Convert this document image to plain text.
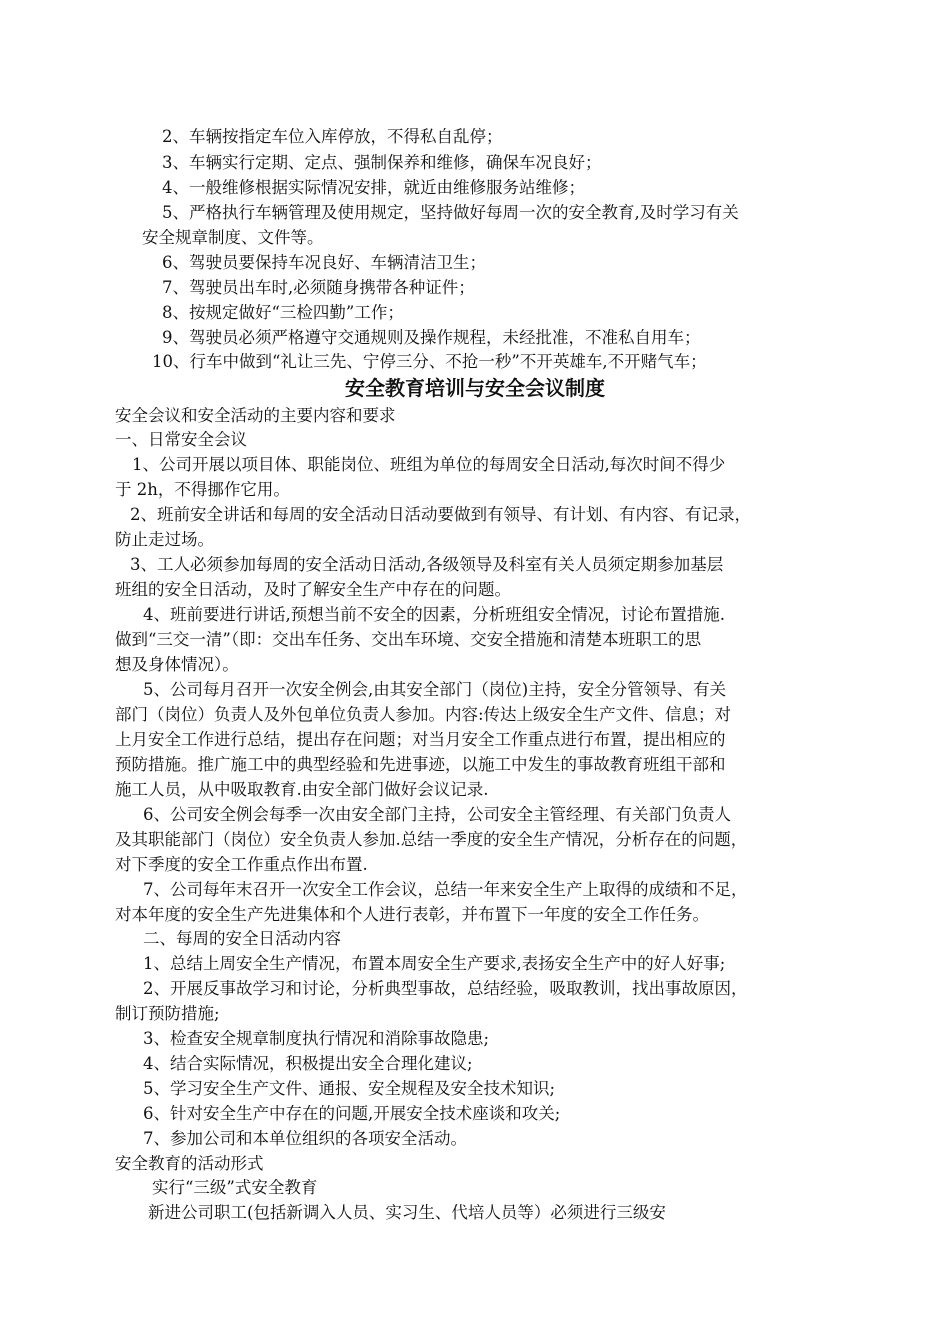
2、车辆按指定车位入库停放，不得私自乱停；
3、车辆实行定期、定点、强制保养和维修，确保车况良好；
4、一般维修根据实际情况安排，就近由维修服务站维修；
5、严格执行车辆管理及使用规定，坚持做好每周一次的安全教育,及时学习有关
安全规章制度、文件等。
6、驾驶员要保持车况良好、车辆清洁卫生；
7、驾驶员出车时,必须随身携带各种证件；
8、按规定做好“三检四勤”工作；
9、驾驶员必须严格遵守交通规则及操作规程，未经批准，不准私自用车；
10、行车中做到“礼让三先、宁停三分、不抢一秒”不开英雄车,不开赌气车；
安全教育培训与安全会议制度
安全会议和安全活动的主要内容和要求
一、日常安全会议
1、公司开展以项目体、职能岗位、班组为单位的每周安全日活动,每次时间不得少
于 2h，不得挪作它用。
2、班前安全讲话和每周的安全活动日活动要做到有领导、有计划、有内容、有记录，
防止走过场。
3、工人必须参加每周的安全活动日活动,各级领导及科室有关人员须定期参加基层
班组的安全日活动，及时了解安全生产中存在的问题。
4、班前要进行讲话,预想当前不安全的因素，分析班组安全情况，讨论布置措施.
做到“三交一清”（即：交出车任务、交出车环境、交安全措施和清楚本班职工的思
想及身体情况）。
5、公司每月召开一次安全例会,由其安全部门（岗位)主持，安全分管领导、有关
部门（岗位）负责人及外包单位负责人参加。内容:传达上级安全生产文件、信息；对
上月安全工作进行总结，提出存在问题；对当月安全工作重点进行布置，提出相应的
预防措施。推广施工中的典型经验和先进事迹，以施工中发生的事故教育班组干部和
施工人员，从中吸取教育.由安全部门做好会议记录.
6、公司安全例会每季一次由安全部门主持，公司安全主管经理、有关部门负责人
及其职能部门（岗位）安全负责人参加.总结一季度的安全生产情况，分析存在的问题，
对下季度的安全工作重点作出布置.
7、公司每年末召开一次安全工作会议，总结一年来安全生产上取得的成绩和不足，
对本年度的安全生产先进集体和个人进行表彰，并布置下一年度的安全工作任务。
二、每周的安全日活动内容
1、总结上周安全生产情况，布置本周安全生产要求,表扬安全生产中的好人好事;
2、开展反事故学习和讨论，分析典型事故，总结经验，吸取教训，找出事故原因，
制订预防措施;
3、检查安全规章制度执行情况和消除事故隐患;
4、结合实际情况，积极提出安全合理化建议;
5、学习安全生产文件、通报、安全规程及安全技术知识;
6、针对安全生产中存在的问题,开展安全技术座谈和攻关;
7、参加公司和本单位组织的各项安全活动。
安全教育的活动形式
实行“三级”式安全教育
新进公司职工(包括新调入人员、实习生、代培人员等）必须进行三级安
